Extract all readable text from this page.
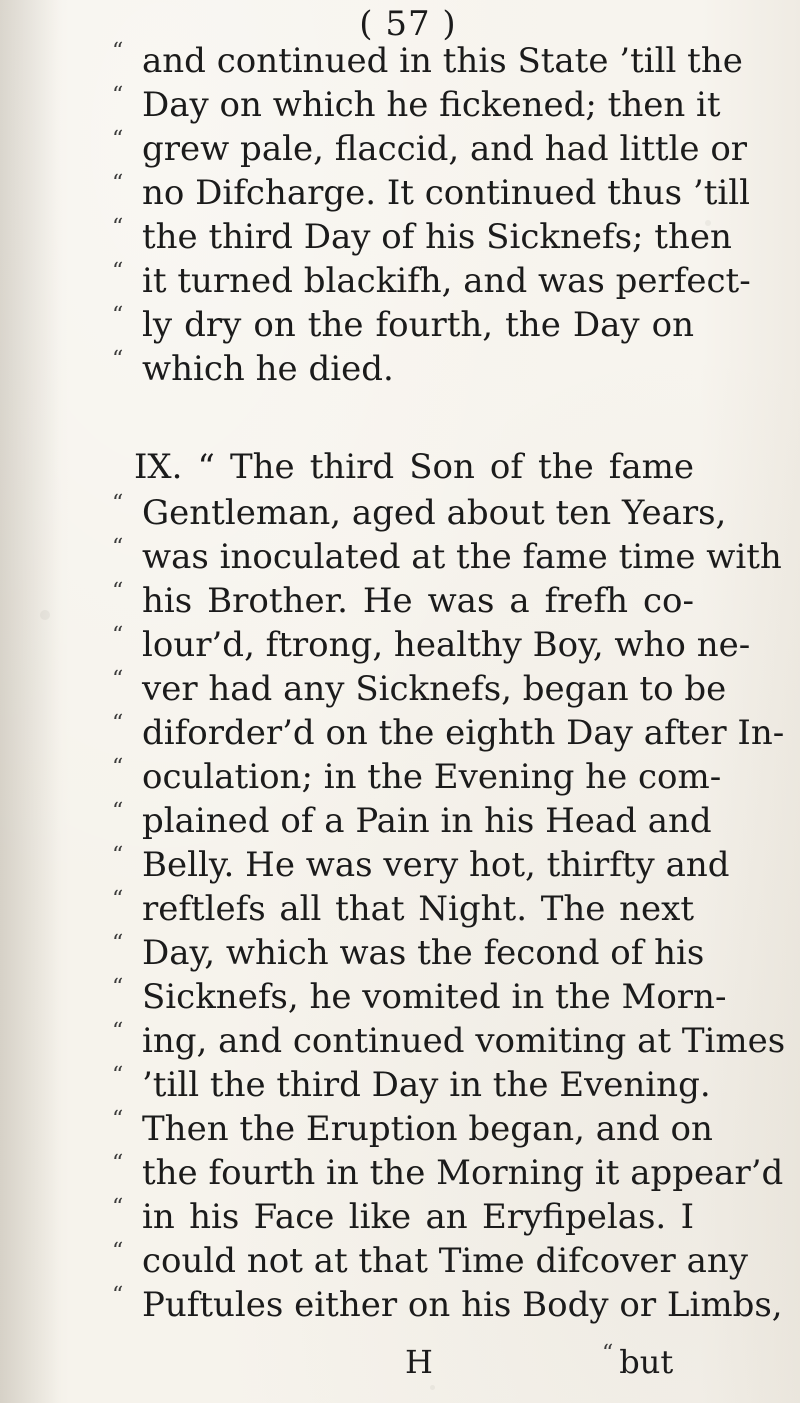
( 57 )
“ and continued in this State ’till the
“ Day on which he fickened; then it
“ grew pale, flaccid, and had little or
“ no Difcharge. It continued thus ’till
“ the third Day of his Sicknefs; then
“ it turned blackifh, and was perfect-
“ ly dry on the fourth, the Day on
“ which he died.
IX. “ The third Son of the fame
“ Gentleman, aged about ten Years,
“ was inoculated at the fame time with
“ his Brother. He was a frefh co-
“ lour’d, ftrong, healthy Boy, who ne-
“ ver had any Sicknefs, began to be
“ diforder’d on the eighth Day after In-
“ oculation; in the Evening he com-
“ plained of a Pain in his Head and
“ Belly. He was very hot, thirfty and
“ reftlefs all that Night. The next
“ Day, which was the fecond of his
“ Sicknefs, he vomited in the Morn-
“ ing, and continued vomiting at Times
“ ’till the third Day in the Evening.
“ Then the Eruption began, and on
“ the fourth in the Morning it appear’d
“ in his Face like an Eryfipelas. I
“ could not at that Time difcover any
“ Puftules either on his Body or Limbs,
H	“ but
